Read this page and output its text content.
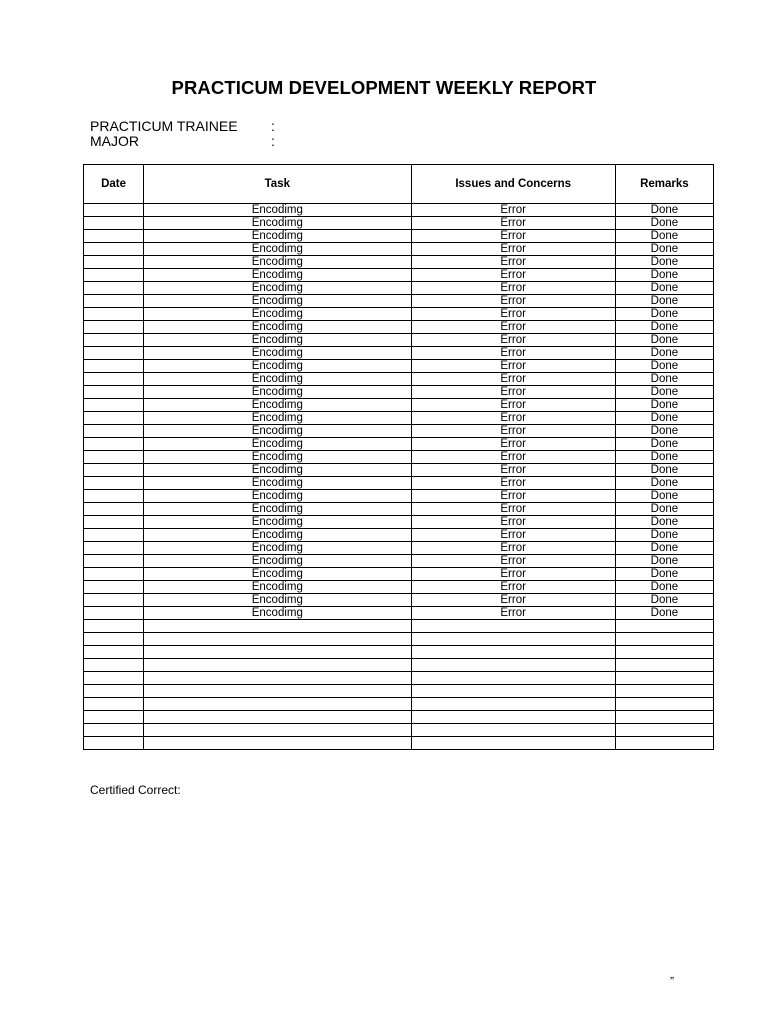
PRACTICUM DEVELOPMENT WEEKLY REPORT
PRACTICUM TRAINEE :
MAJOR	:
Date	Task	Issues and Concerns	Remarks
	Encodimg	Error	Done
	Encodimg	Error	Done
	Encodimg	Error	Done
	Encodimg	Error	Done
	Encodimg	Error	Done
	Encodimg	Error	Done
	Encodimg	Error	Done
	Encodimg	Error	Done
	Encodimg	Error	Done
	Encodimg	Error	Done
	Encodimg	Error	Done
	Encodimg	Error	Done
	Encodimg	Error	Done
	Encodimg	Error	Done
	Encodimg	Error	Done
	Encodimg	Error	Done
	Encodimg	Error	Done
	Encodimg	Error	Done
	Encodimg	Error	Done
	Encodimg	Error	Done
	Encodimg	Error	Done
	Encodimg	Error	Done
	Encodimg	Error	Done
	Encodimg	Error	Done
	Encodimg	Error	Done
	Encodimg	Error	Done
	Encodimg	Error	Done
	Encodimg	Error	Done
	Encodimg	Error	Done
	Encodimg	Error	Done
	Encodimg	Error	Done
	Encodimg	Error	Done

Certified Correct:
„
